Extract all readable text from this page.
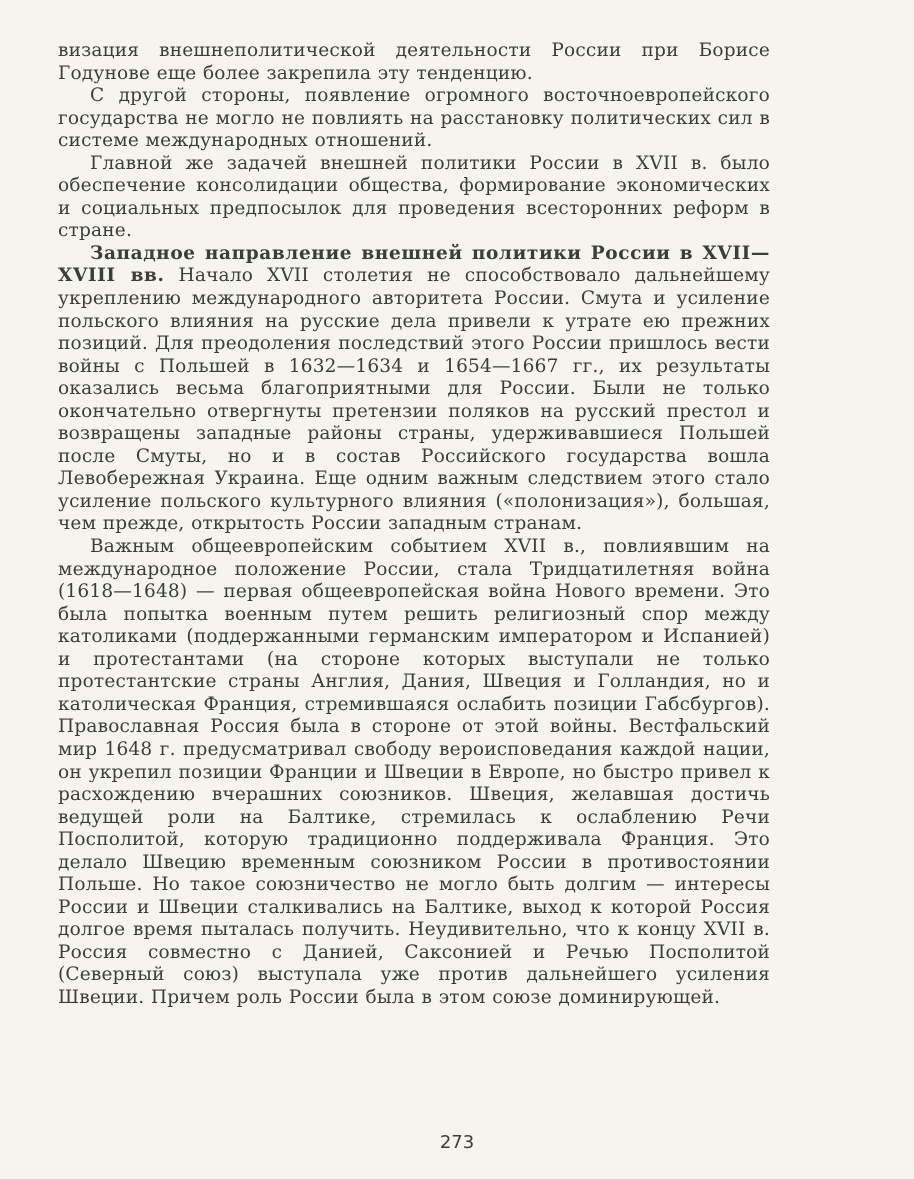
визация внешнеполитической деятельности России при Борисе Годунове еще более закрепила эту тенденцию.

С другой стороны, появление огромного восточноевропейского государства не могло не повлиять на расстановку политических сил в системе международных отношений.

Главной же задачей внешней политики России в XVII в. было обеспечение консолидации общества, формирование экономических и социальных предпосылок для проведения всесторонних реформ в стране.

Западное направление внешней политики России в XVII—XVIII вв. Начало XVII столетия не способствовало дальнейшему укреплению международного авторитета России. Смута и усиление польского влияния на русские дела привели к утрате ею прежних позиций. Для преодоления последствий этого России пришлось вести войны с Польшей в 1632—1634 и 1654—1667 гг., их результаты оказались весьма благоприятными для России. Были не только окончательно отвергнуты претензии поляков на русский престол и возвращены западные районы страны, удерживавшиеся Польшей после Смуты, но и в состав Российского государства вошла Левобережная Украина. Еще одним важным следствием этого стало усиление польского культурного влияния («полонизация»), большая, чем прежде, открытость России западным странам.

Важным общеевропейским событием XVII в., повлиявшим на международное положение России, стала Тридцатилетняя война (1618—1648) — первая общеевропейская война Нового времени. Это была попытка военным путем решить религиозный спор между католиками (поддержанными германским императором и Испанией) и протестантами (на стороне которых выступали не только протестантские страны Англия, Дания, Швеция и Голландия, но и католическая Франция, стремившаяся ослабить позиции Габсбургов). Православная Россия была в стороне от этой войны. Вестфальский мир 1648 г. предусматривал свободу вероисповедания каждой нации, он укрепил позиции Франции и Швеции в Европе, но быстро привел к расхождению вчерашних союзников. Швеция, желавшая достичь ведущей роли на Балтике, стремилась к ослаблению Речи Посполитой, которую традиционно поддерживала Франция. Это делало Швецию временным союзником России в противостоянии Польше. Но такое союзничество не могло быть долгим — интересы России и Швеции сталкивались на Балтике, выход к которой Россия долгое время пыталась получить. Неудивительно, что к концу XVII в. Россия совместно с Данией, Саксонией и Речью Посполитой (Северный союз) выступала уже против дальнейшего усиления Швеции. Причем роль России была в этом союзе доминирующей.

273
